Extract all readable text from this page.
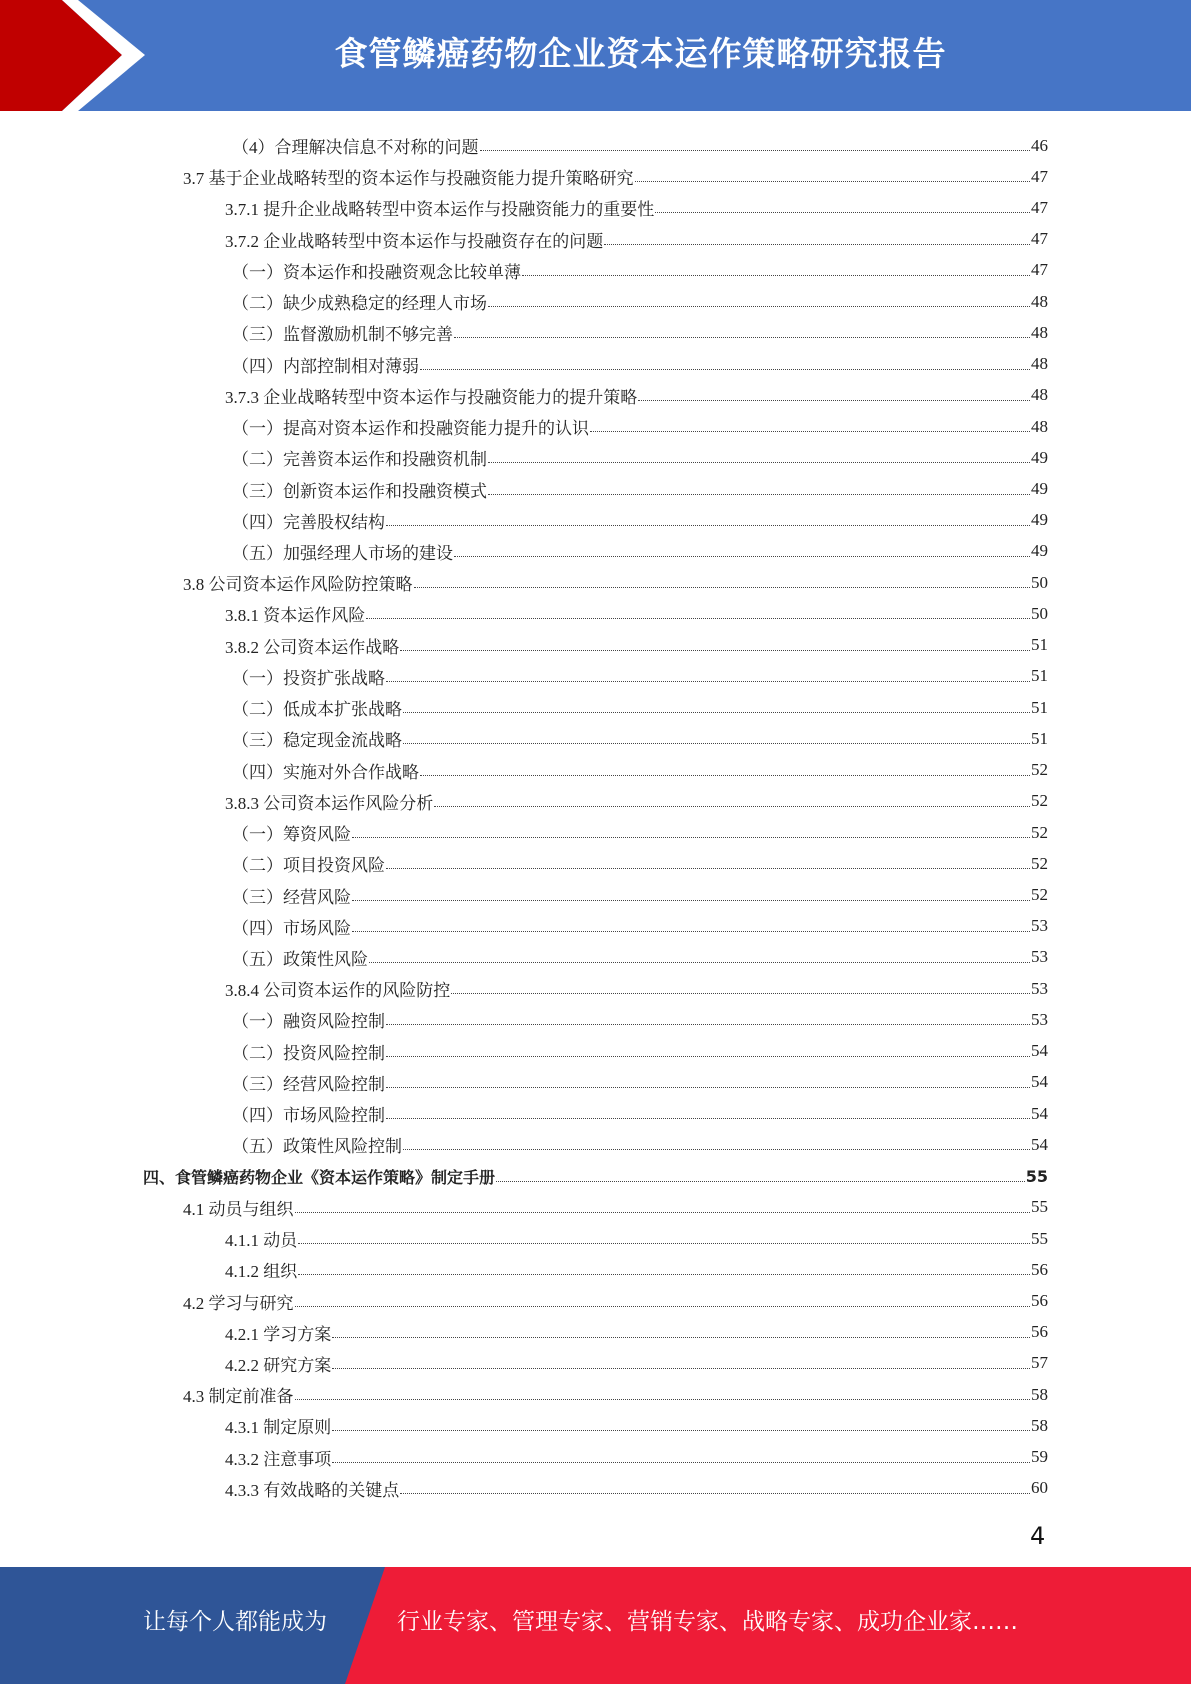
食管鳞癌药物企业资本运作策略研究报告
（4）合理解决信息不对称的问题	46
3.7 基于企业战略转型的资本运作与投融资能力提升策略研究	47
3.7.1 提升企业战略转型中资本运作与投融资能力的重要性	47
3.7.2 企业战略转型中资本运作与投融资存在的问题	47
（一）资本运作和投融资观念比较单薄	47
（二）缺少成熟稳定的经理人市场	48
（三）监督激励机制不够完善	48
（四）内部控制相对薄弱	48
3.7.3 企业战略转型中资本运作与投融资能力的提升策略	48
（一）提高对资本运作和投融资能力提升的认识	48
（二）完善资本运作和投融资机制	49
（三）创新资本运作和投融资模式	49
（四）完善股权结构	49
（五）加强经理人市场的建设	49
3.8 公司资本运作风险防控策略	50
3.8.1 资本运作风险	50
3.8.2 公司资本运作战略	51
（一）投资扩张战略	51
（二）低成本扩张战略	51
（三）稳定现金流战略	51
（四）实施对外合作战略	52
3.8.3 公司资本运作风险分析	52
（一）筹资风险	52
（二）项目投资风险	52
（三）经营风险	52
（四）市场风险	53
（五）政策性风险	53
3.8.4 公司资本运作的风险防控	53
（一）融资风险控制	53
（二）投资风险控制	54
（三）经营风险控制	54
（四）市场风险控制	54
（五）政策性风险控制	54
四、食管鳞癌药物企业《资本运作策略》制定手册	55
4.1 动员与组织	55
4.1.1 动员	55
4.1.2 组织	56
4.2 学习与研究	56
4.2.1 学习方案	56
4.2.2 研究方案	57
4.3 制定前准备	58
4.3.1 制定原则	58
4.3.2 注意事项	59
4.3.3 有效战略的关键点	60
4
让每个人都能成为	行业专家、管理专家、营销专家、战略专家、成功企业家……
